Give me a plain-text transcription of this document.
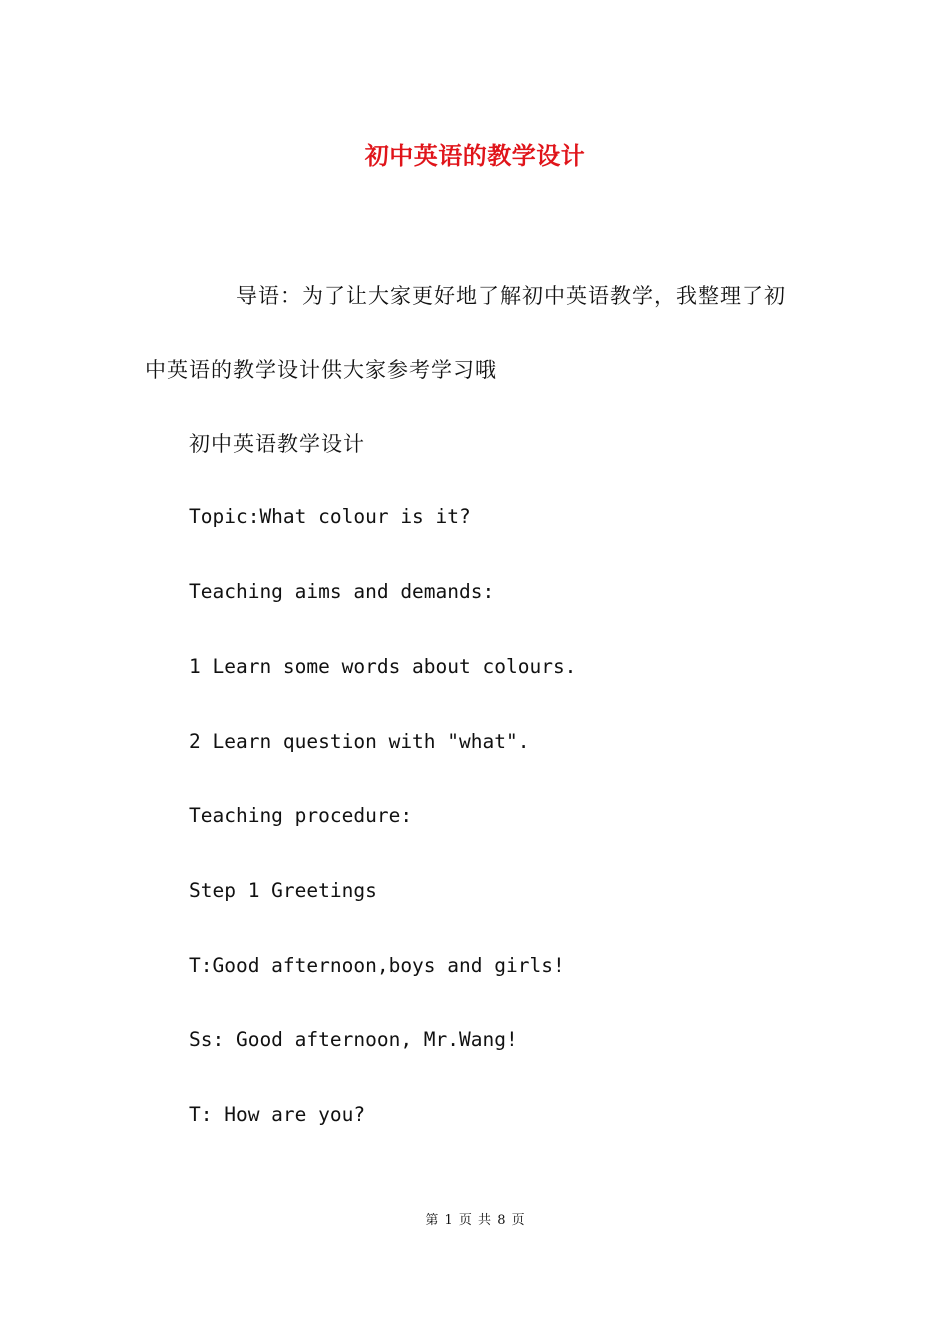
初中英语的教学设计
导语：为了让大家更好地了解初中英语教学，我整理了初
中英语的教学设计供大家参考学习哦
初中英语教学设计
Topic:What colour is it?
Teaching aims and demands:
1 Learn some words about colours.
2 Learn question with "what".
Teaching procedure:
Step 1 Greetings
T:Good afternoon,boys and girls!
Ss: Good afternoon, Mr.Wang!
T: How are you?
第 1 页 共 8 页
